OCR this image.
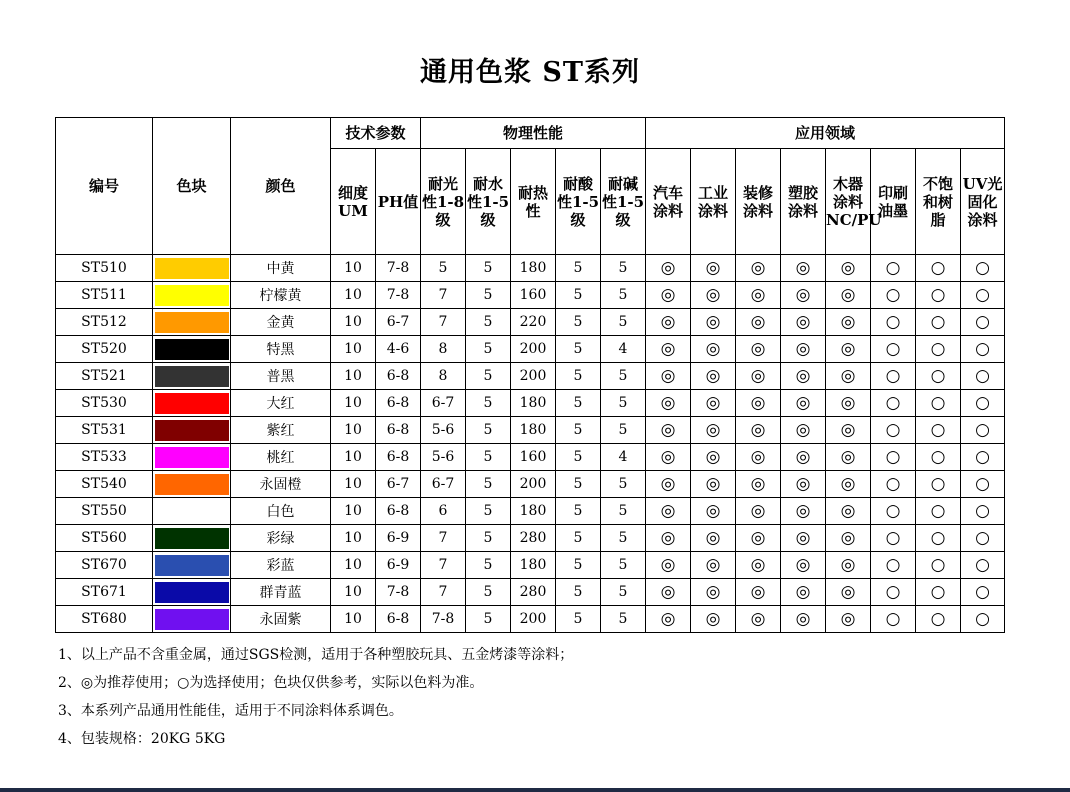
通用色浆 ST系列
编号	色块	颜色	技术参数		物理性能					应用领域							
			细度UM	PH值	耐光性1-8级	耐水性1-5级	耐热性	耐酸性1-5级	耐碱性1-5级	汽车涂料	工业涂料	装修涂料	塑胶涂料	木器涂料NC/PU	印刷油墨	不饱和树脂	UV光固化涂料
ST510		中黄	10	7-8	5	5	180	5	5	◎	◎	◎	◎	◎	○	○	○
ST511		柠檬黄	10	7-8	7	5	160	5	5	◎	◎	◎	◎	◎	○	○	○
ST512		金黄	10	6-7	7	5	220	5	5	◎	◎	◎	◎	◎	○	○	○
ST520		特黑	10	4-6	8	5	200	5	4	◎	◎	◎	◎	◎	○	○	○
ST521		普黑	10	6-8	8	5	200	5	5	◎	◎	◎	◎	◎	○	○	○
ST530		大红	10	6-8	6-7	5	180	5	5	◎	◎	◎	◎	◎	○	○	○
ST531		紫红	10	6-8	5-6	5	180	5	5	◎	◎	◎	◎	◎	○	○	○
ST533		桃红	10	6-8	5-6	5	160	5	4	◎	◎	◎	◎	◎	○	○	○
ST540		永固橙	10	6-7	6-7	5	200	5	5	◎	◎	◎	◎	◎	○	○	○
ST550		白色	10	6-8	6	5	180	5	5	◎	◎	◎	◎	◎	○	○	○
ST560		彩绿	10	6-9	7	5	280	5	5	◎	◎	◎	◎	◎	○	○	○
ST670		彩蓝	10	6-9	7	5	180	5	5	◎	◎	◎	◎	◎	○	○	○
ST671		群青蓝	10	7-8	7	5	280	5	5	◎	◎	◎	◎	◎	○	○	○
ST680		永固紫	10	6-8	7-8	5	200	5	5	◎	◎	◎	◎	◎	○	○	○
1、以上产品不含重金属，通过SGS检测，适用于各种塑胶玩具、五金烤漆等涂料；
2、◎为推荐使用；○为选择使用；色块仅供参考，实际以色料为准。
3、本系列产品通用性能佳，适用于不同涂料体系调色。
4、包装规格：20KG 5KG
